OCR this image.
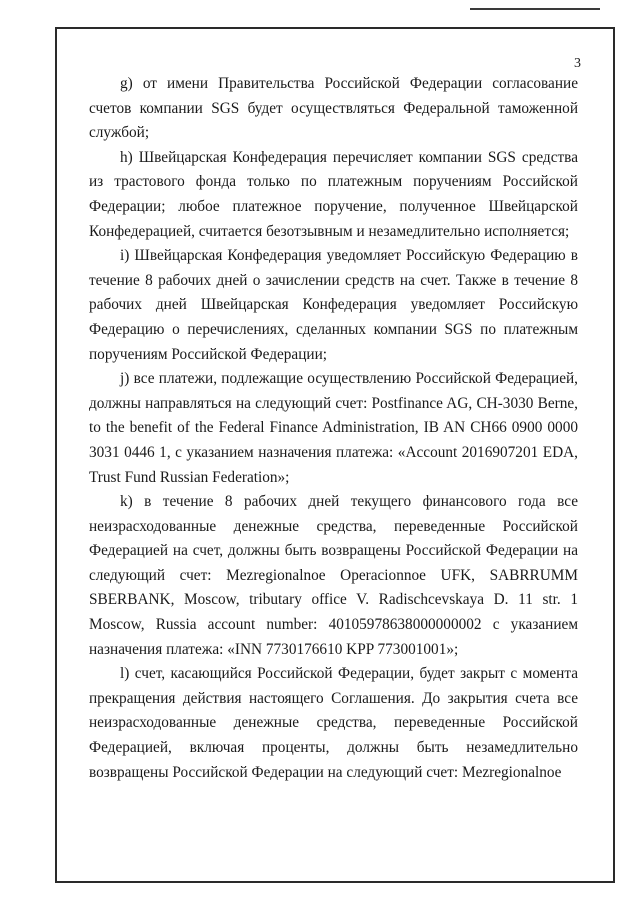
3

g) от имени Правительства Российской Федерации согласование счетов компании SGS будет осуществляться Федеральной таможенной службой;

h) Швейцарская Конфедерация перечисляет компании SGS средства из трастового фонда только по платежным поручениям Российской Федерации; любое платежное поручение, полученное Швейцарской Конфедерацией, считается безотзывным и незамедлительно исполняется;

i) Швейцарская Конфедерация уведомляет Российскую Федерацию в течение 8 рабочих дней о зачислении средств на счет. Также в течение 8 рабочих дней Швейцарская Конфедерация уведомляет Российскую Федерацию о перечислениях, сделанных компании SGS по платежным поручениям Российской Федерации;

j) все платежи, подлежащие осуществлению Российской Федерацией, должны направляться на следующий счет: Postfinance AG, CH-3030 Berne, to the benefit of the Federal Finance Administration, IB AN CH66 0900 0000 3031 0446 1, с указанием назначения платежа: «Account 2016907201 EDA, Trust Fund Russian Federation»;

k) в течение 8 рабочих дней текущего финансового года все неизрасходованные денежные средства, переведенные Российской Федерацией на счет, должны быть возвращены Российской Федерации на следующий счет: Mezregionalnoe Operacionnoe UFK, SABRRUMM SBERBANK, Moscow, tributary office V. Radischcevskaya D. 11 str. 1 Moscow, Russia account number: 40105978638000000002 с указанием назначения платежа: «INN 7730176610 KPP 773001001»;

l) счет, касающийся Российской Федерации, будет закрыт с момента прекращения действия настоящего Соглашения. До закрытия счета все неизрасходованные денежные средства, переведенные Российской Федерацией, включая проценты, должны быть незамедлительно возвращены Российской Федерации на следующий счет: Mezregionalnoe
